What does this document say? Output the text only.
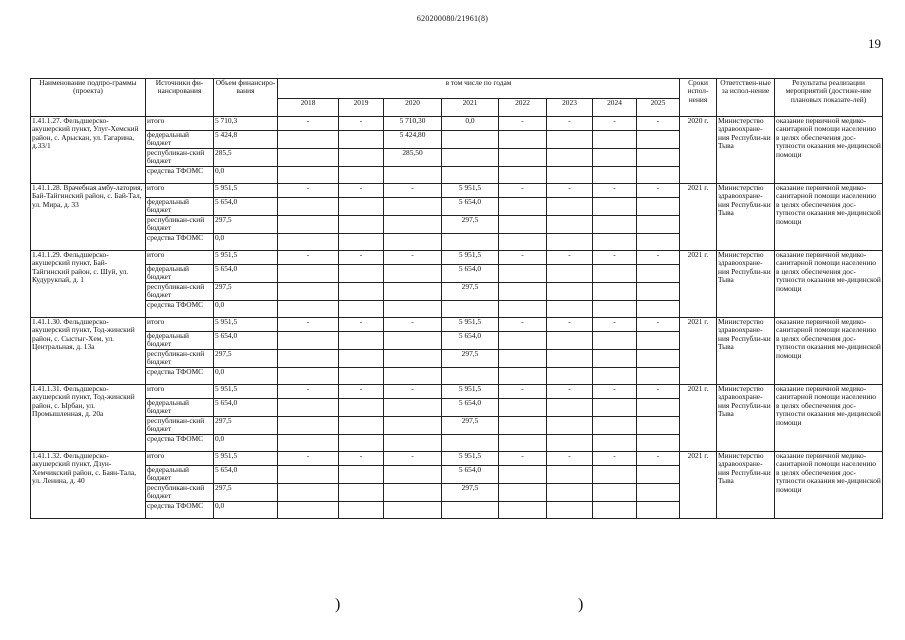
620200080/21961(8)
19
Наименование подпро-граммы (проекта)	Источники фи-нансирования	Объем финансиро-вания	в том числе по годам								Сроки испол-нения	Ответствен-ные за испол-нение	Результаты реализации мероприятий (достиже-ние плановых показате-лей)
			2018	2019	2020	2021	2022	2023	2024	2025			
1.41.1.27. Фельдшерско-акушерский пункт, Улуг-Хемский район, с. Арыскан, ул. Гагарина, д.33/1	итого	5 710,3	-	-	5 710,30	0,0	-	-	-	-	2020 г.	Министерство здравоохране-ния Республи-ки Тыва	оказание первичной медико-санитарной помощи населению в целях обеспечения дос-тупности оказания ме-дицинской помощи
	федеральный бюджет	5 424,8			5 424,80								
	республикан-ский бюджет	285,5			285,50								
	средства ТФОМС	0,0											
1.41.1.28. Врачебная амбу-латория, Бай-Тайгинский район, с. Бай-Тал, ул. Мира, д. 33	итого	5 951,5	-	-	-	5 951,5	-	-	-	-	2021 г.	Министерство здравоохране-ния Республи-ки Тыва	оказание первичной медико-санитарной помощи населению в целях обеспечения дос-тупности оказания ме-дицинской помощи
	федеральный бюджет	5 654,0				5 654,0							
	республикан-ский бюджет	297,5				297,5							
	средства ТФОМС	0,0											
1.41.1.29. Фельдшерско-акушерский пункт, Бай-Тайгинский район, с. Шуй, ул. Кудурукпай, д. 1	итого	5 951,5	-	-	-	5 951,5	-	-	-	-	2021 г.	Министерство здравоохране-ния Республи-ки Тыва	оказание первичной медико-санитарной помощи населению в целях обеспечения дос-тупности оказания ме-дицинской помощи
	федеральный бюджет	5 654,0				5 654,0							
	республикан-ский бюджет	297,5				297,5							
	средства ТФОМС	0,0											
1.41.1.30. Фельдшерско-акушерский пункт, Тод-жинский район, с. Сыстыг-Хем, ул. Центральная, д. 13а	итого	5 951,5	-	-	-	5 951,5	-	-	-	-	2021 г.	Министерство здравоохране-ния Республи-ки Тыва	оказание первичной медико-санитарной помощи населению в целях обеспечения дос-тупности оказания ме-дицинской помощи
	федеральный бюджет	5 654,0				5 654,0							
	республикан-ский бюджет	297,5				297,5							
	средства ТФОМС	0,0											
1.41.1.31. Фельдшерско-акушерский пункт, Тод-жинский район, с. Ырбан, ул. Промышленная, д. 20а	итого	5 951,5	-	-	-	5 951,5	-	-	-	-	2021 г.	Министерство здравоохране-ния Республи-ки Тыва	оказание первичной медико-санитарной помощи населению в целях обеспечения дос-тупности оказания ме-дицинской помощи
	федеральный бюджет	5 654,0				5 654,0							
	республикан-ский бюджет	297,5				297,5							
	средства ТФОМС	0,0											
1.41.1.32. Фельдшерско-акушерский пункт, Дзун-Хемчикский район, с. Баян-Тала, ул. Ленина, д. 40	итого	5 951,5	-	-	-	5 951,5	-	-	-	-	2021 г.	Министерство здравоохране-ния Республи-ки Тыва	оказание первичной медико-санитарной помощи населению в целях обеспечения дос-тупности оказания ме-дицинской помощи
	федеральный бюджет	5 654,0				5 654,0							
	республикан-ский бюджет	297,5				297,5							
	средства ТФОМС	0,0											
)	)
